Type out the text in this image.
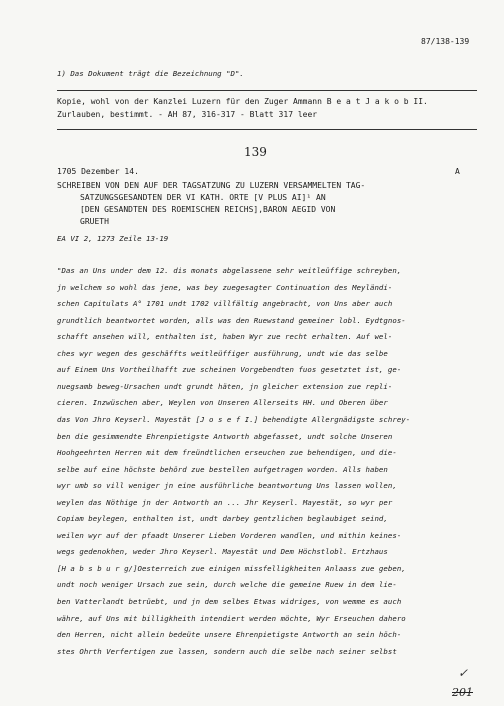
87/138-139
1) Das Dokument trägt die Bezeichnung "D".
Kopie, wohl von der Kanzlei Luzern für den Zuger Ammann B e a t J a k o b II.
Zurlauben, bestimmt. - AH 87, 316-317 - Blatt 317 leer
139
1705 Dezember 14.	A
SCHREIBEN VON DEN AUF DER TAGSATZUNG ZU LUZERN VERSAMMELTEN TAG-
SATZUNGSGESANDTEN DER VI KATH. ORTE [V PLUS AI]¹ AN
[DEN GESANDTEN DES ROEMISCHEN REICHS],BARON AEGID VON
GRUETH
EA VI 2, 1273 Zeile 13-19
"Das an Uns under dem 12. dis monats abgelassene sehr weitleüffige schreyben,
jn welchem so wohl das jene, was bey zuegesagter Continuation des Meyländi-
schen Capitulats A° 1701 undt 1702 villfältig angebracht, von Uns aber auch
grundtlich beantwortet worden, alls was den Ruewstand gemeiner lobl. Eydtgnos-
schafft ansehen will, enthalten ist, haben Wyr zue recht erhalten. Auf wel-
ches wyr wegen des geschäffts weitleüffiger ausführung, undt wie das selbe
auf Einem Uns Vortheilhafft zue scheinen Vorgebendten fuos gesetztet ist, ge-
nuegsamb beweg-Ursachen undt grundt häten, jn gleicher extension zue repli-
cieren. Inzwüschen aber, Weylen von Unseren Allerseits HH. und Oberen über
das Von Jhro Keyserl. Mayestät [J o s e f I.] behendigte Allergnädigste schrey-
ben die gesimmendte Ehrenpietigste Antworth abgefasset, undt solche Unseren
Hoohgeehrten Herren mit dem freündtlichen erseuchen zue behendigen, und die-
selbe auf eine höchste behörd zue bestellen aufgetragen worden. Alls haben
wyr umb so vill weniger jn eine ausführliche beantwortung Uns lassen wollen,
weylen das Nöthige jn der Antworth an ... Jhr Keyserl. Mayestät, so wyr per
Copiam beylegen, enthalten ist, undt darbey gentzlichen beglaubiget seind,
weilen wyr auf der pfaadt Unserer Lieben Vorderen wandlen, und mithin keines-
wegs gedenokhen, weder Jhro Keyserl. Mayestät und Dem Höchstlobl. Ertzhaus
[H a b s b u r g/]Oesterreich zue einigen missfelligkheiten Anlaass zue geben,
undt noch weniger Ursach zue sein, durch welche die gemeine Ruew in dem lie-
ben Vatterlandt betrüebt, und jn dem selbes Etwas widriges, von wemme es auch
währe, auf Uns mit billigkheith intendiert werden möchte, Wyr Erseuchen dahero
den Herren, nicht allein bedeüte unsere Ehrenpietigste Antworth an sein höch-
stes Ohrth Verfertigen zue lassen, sondern auch die selbe nach seiner selbst
✓
201
